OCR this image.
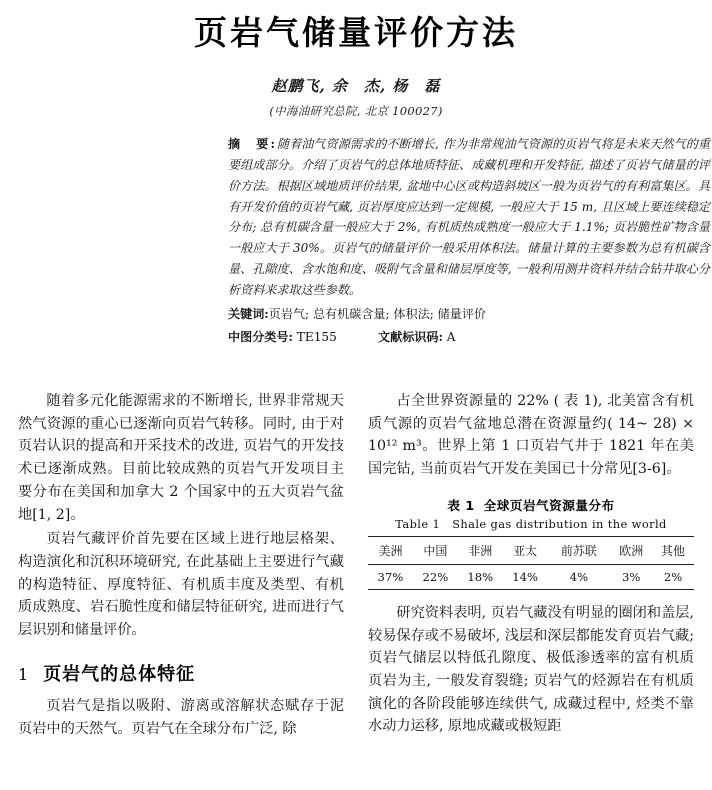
页岩气储量评价方法
赵鹏飞, 余　杰, 杨　磊
(中海油研究总院, 北京 100027)
摘　要:随着油气资源需求的不断增长, 作为非常规油气资源的页岩气将是未来天然气的重要组成部分。介绍了页岩气的总体地质特征、成藏机理和开发特征, 描述了页岩气储量的评价方法。根据区域地质评价结果, 盆地中心区或构造斜坡区一般为页岩气的有利富集区。具有开发价值的页岩气藏, 页岩厚度应达到一定规模, 一般应大于 15 m, 且区域上要连续稳定分布; 总有机碳含量一般应大于 2%, 有机质热成熟度一般应大于 1.1%; 页岩脆性矿物含量一般应大于 30%。页岩气的储量评价一般采用体积法。储量计算的主要参数为总有机碳含量、孔隙度、含水饱和度、吸附气含量和储层厚度等, 一般利用测井资料并结合钻井取心分析资料来求取这些参数。
关键词:页岩气; 总有机碳含量; 体积法; 储量评价
中图分类号: TE155	文献标识码: A

随着多元化能源需求的不断增长, 世界非常规天然气资源的重心已逐渐向页岩气转移。同时, 由于对页岩认识的提高和开采技术的改进, 页岩气的开发技术已逐渐成熟。目前比较成熟的页岩气开发项目主要分布在美国和加拿大 2 个国家中的五大页岩气盆地[1, 2]。

页岩气藏评价首先要在区域上进行地层格架、构造演化和沉积环境研究, 在此基础上主要进行气藏的构造特征、厚度特征、有机质丰度及类型、有机质成熟度、岩石脆性度和储层特征研究, 进而进行气层识别和储量评价。

1 页岩气的总体特征

页岩气是指以吸附、游离或溶解状态赋存于泥页岩中的天然气。页岩气在全球分布广泛, 除

占全世界资源量的 22% ( 表 1), 北美富含有机质气源的页岩气盆地总潜在资源量约( 14~ 28) × 10¹² m³。世界上第 1 口页岩气井于 1821 年在美国完钻, 当前页岩气开发在美国已十分常见[3-6]。

表 1 全球页岩气资源量分布
Table 1 Shale gas distribution in the world
美洲	中国	非洲	亚太	前苏联	欧洲	其他
37%	22%	18%	14%	4%	3%	2%

研究资料表明, 页岩气藏没有明显的圈闭和盖层, 较易保存或不易破坏, 浅层和深层都能发育页岩气藏; 页岩气储层以特低孔隙度、极低渗透率的富有机质页岩为主, 一般发育裂缝; 页岩气的烃源岩在有机质演化的各阶段能够连续供气, 成藏过程中, 烃类不靠水动力运移, 原地成藏或极短距
